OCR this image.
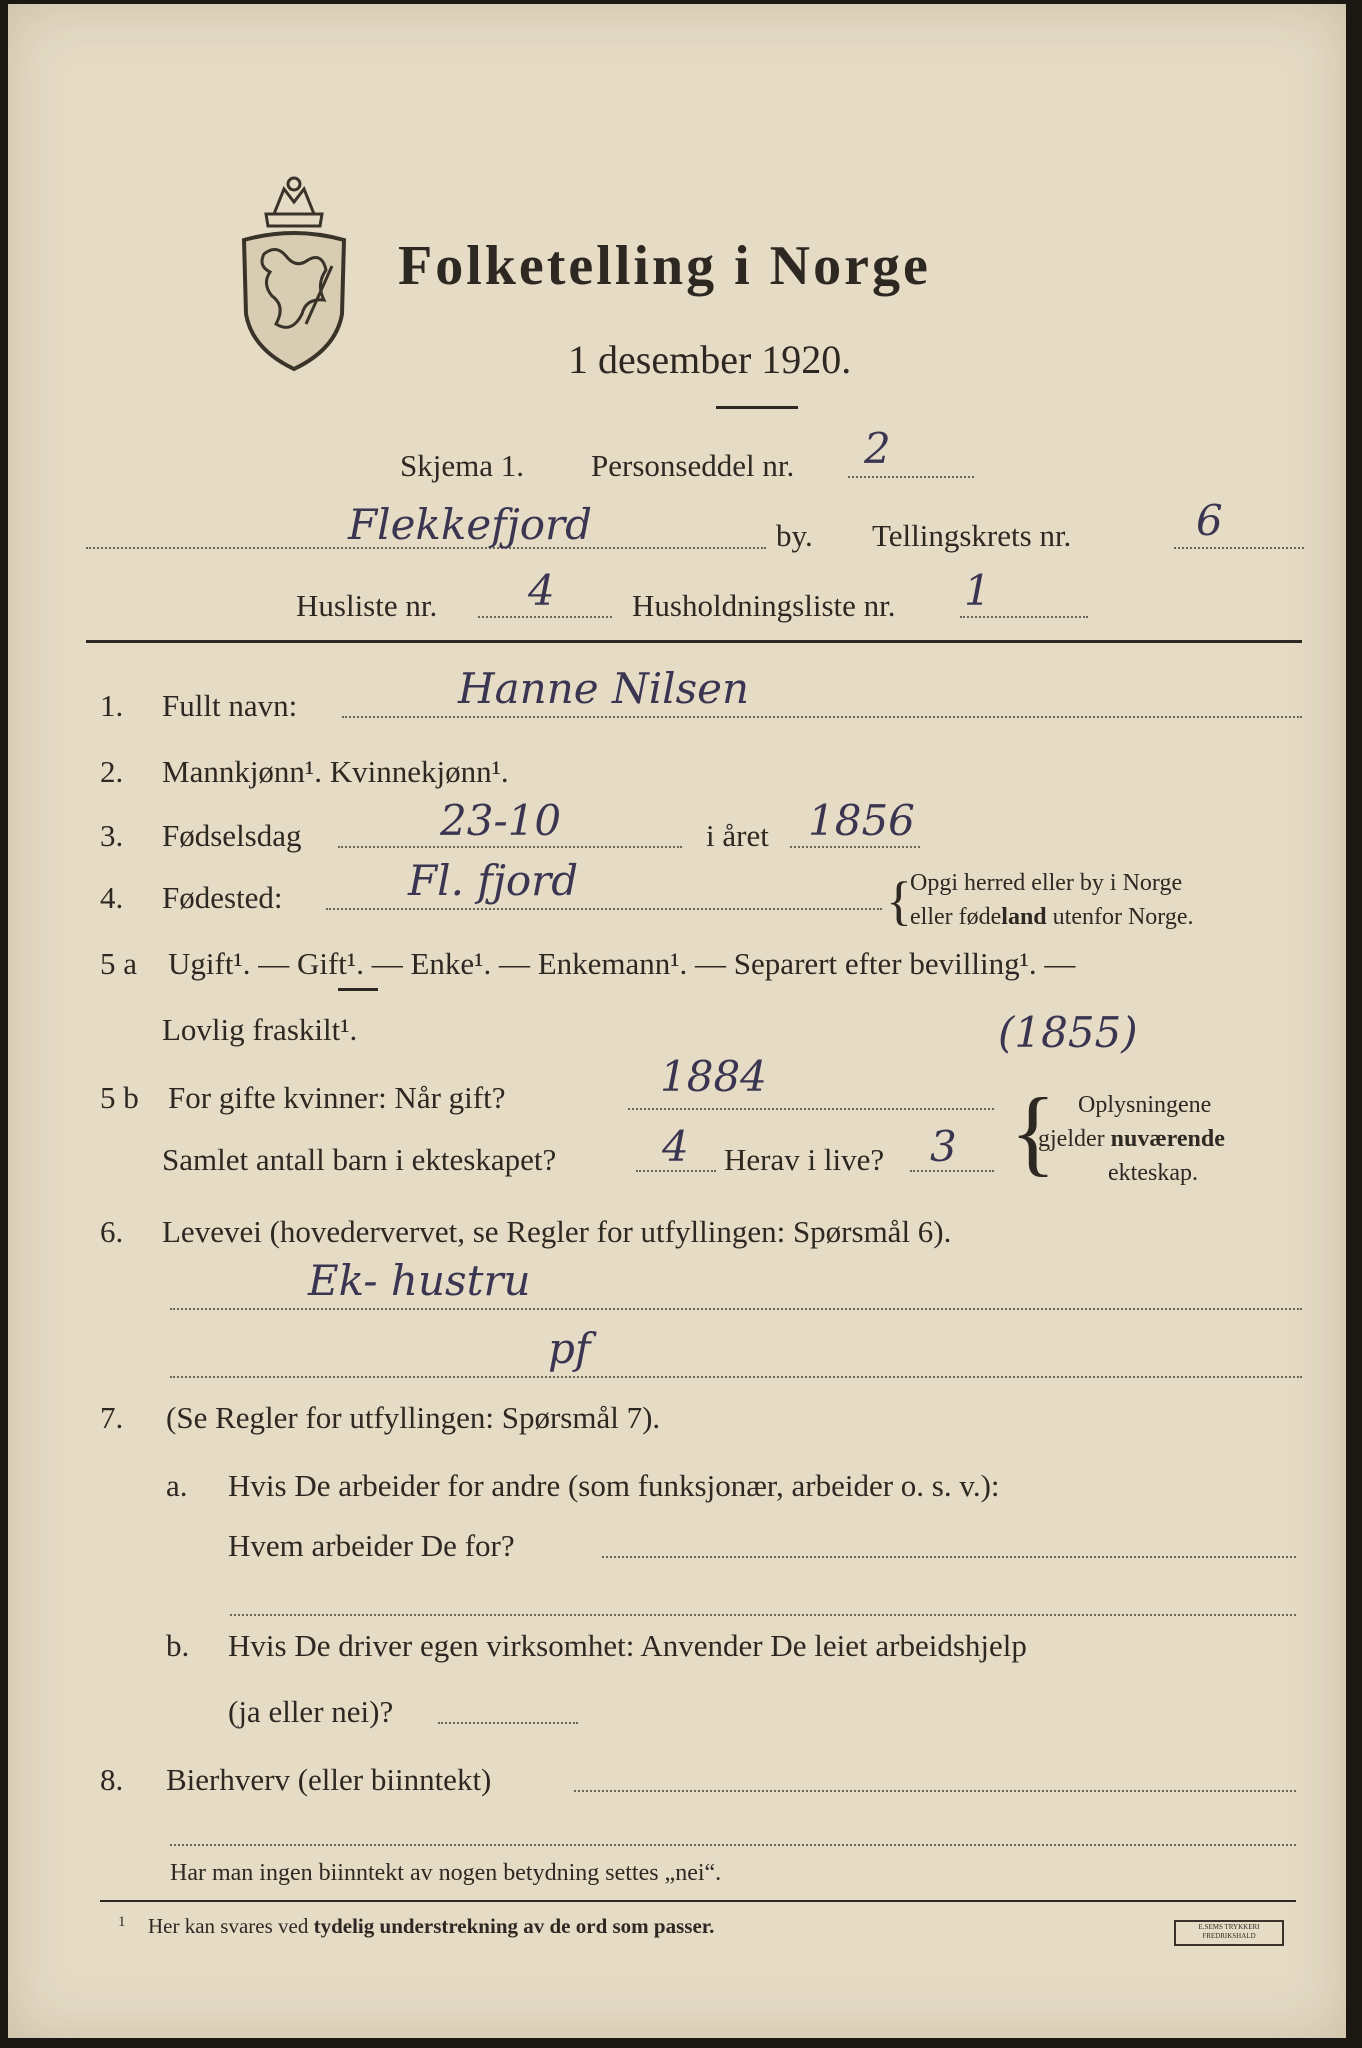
Folketelling i Norge
1 desember 1920.
Skjema 1. Personseddel nr. 2
Flekkefjord	by. Tellingskrets nr.	6
Husliste nr. 4 Husholdningsliste nr. 1
1. Fullt navn:	Hanne Nilsen
2. Mannkjønn¹. Kvinnekjønn¹.
3. Fødselsdag	23-10	i året 1856
4. Fødested:	Fl. fjord	{
Opgi herred eller by i Norge
eller fødeland utenfor Norge.
5 a Ugift¹. — Gift¹. — Enke¹. — Enkemann¹. — Separert efter bevilling¹. —
Lovlig fraskilt¹.	(1855)
5 b For gifte kvinner: Når gift?	1884
Samlet antall barn i ekteskapet?	4 Herav i live? 3 { Oplysningene
gjelder nuværende
ekteskap.
6. Levevei (hovedervervet, se Regler for utfyllingen: Spørsmål 6).
Ek- hustru
pf
7. (Se Regler for utfyllingen: Spørsmål 7).
a. Hvis De arbeider for andre (som funksjonær, arbeider o. s. v.):
Hvem arbeider De for?
b. Hvis De driver egen virksomhet: Anvender De leiet arbeidshjelp
(ja eller nei)?
8. Bierhverv (eller biinntekt)
Har man ingen biinntekt av nogen betydning settes „nei“.
1 Her kan svares ved tydelig understrekning av de ord som passer.	E.SEMS TRYKKERI FREDRIKSHALD
